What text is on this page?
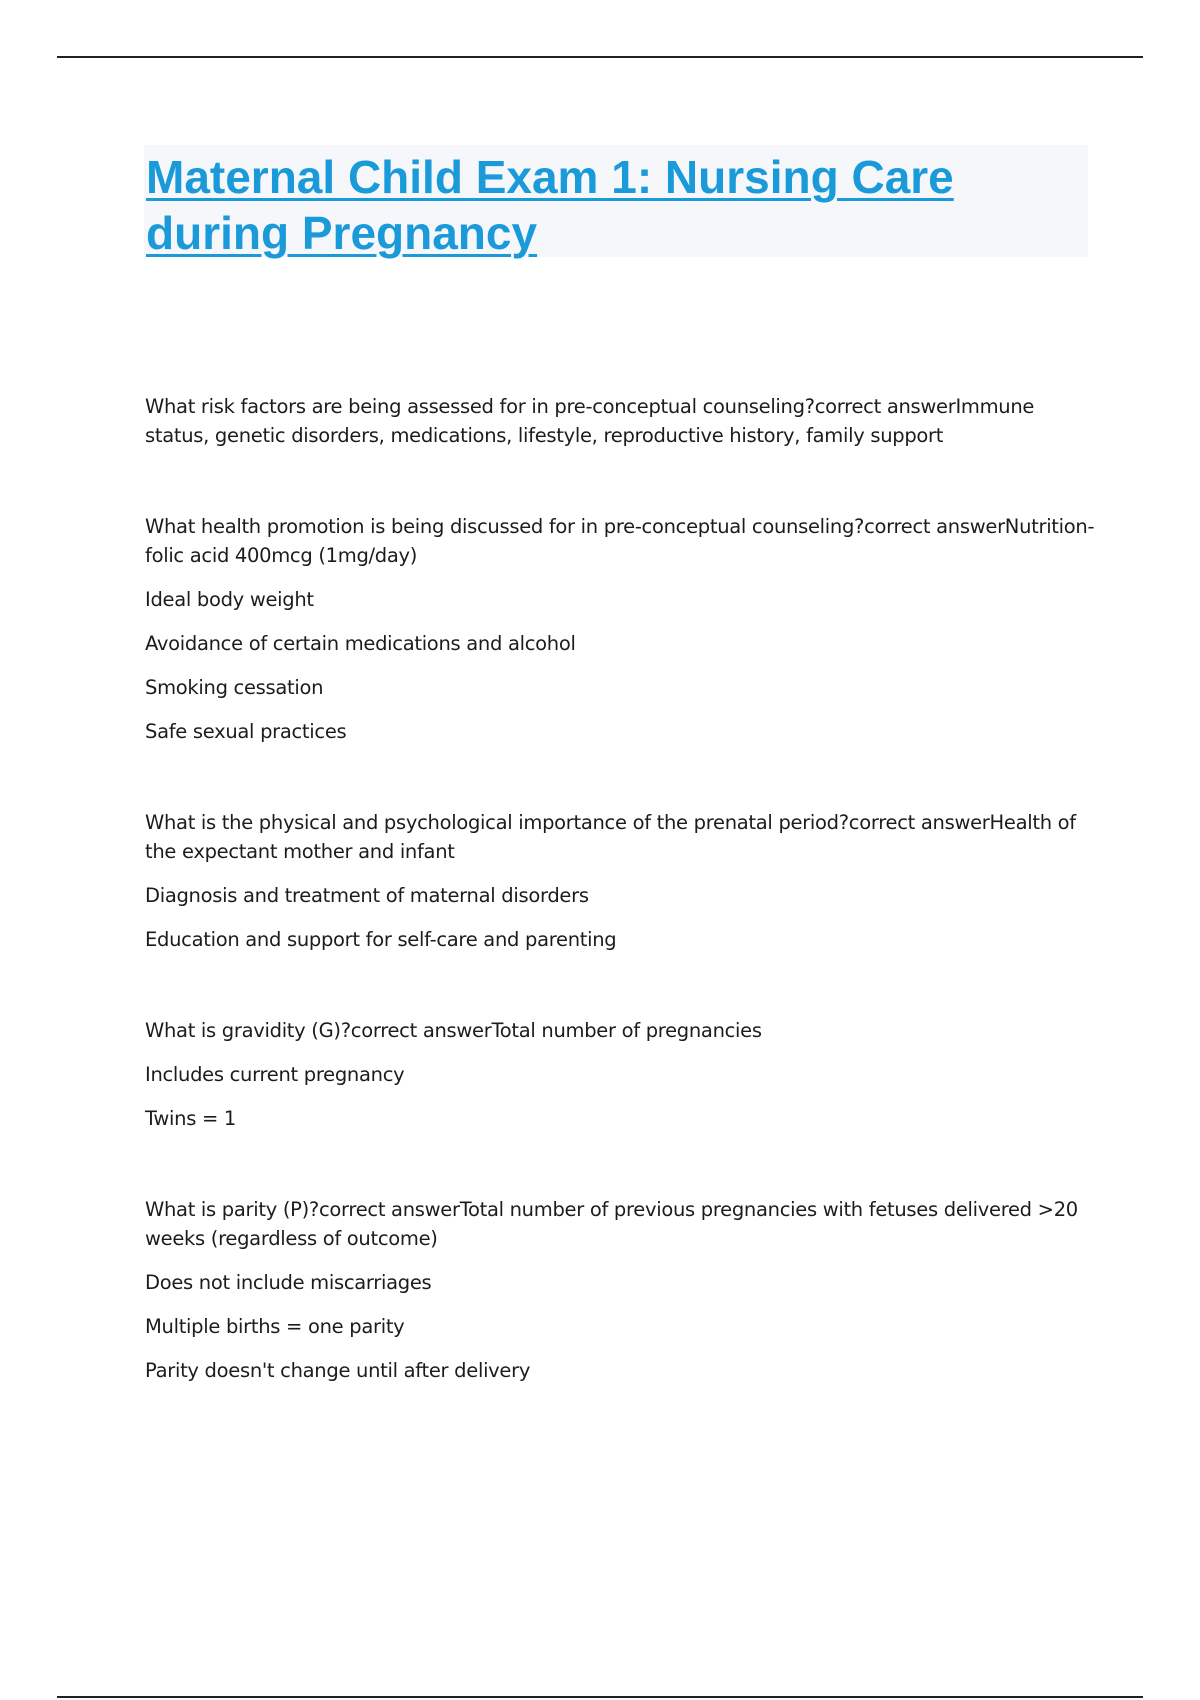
Maternal Child Exam 1: Nursing Care during Pregnancy

What risk factors are being assessed for in pre-conceptual counseling?correct answerImmune status, genetic disorders, medications, lifestyle, reproductive history, family support

What health promotion is being discussed for in pre-conceptual counseling?correct answerNutrition- folic acid 400mcg (1mg/day)

Ideal body weight

Avoidance of certain medications and alcohol

Smoking cessation

Safe sexual practices

What is the physical and psychological importance of the prenatal period?correct answerHealth of the expectant mother and infant

Diagnosis and treatment of maternal disorders

Education and support for self-care and parenting

What is gravidity (G)?correct answerTotal number of pregnancies

Includes current pregnancy

Twins = 1

What is parity (P)?correct answerTotal number of previous pregnancies with fetuses delivered >20 weeks (regardless of outcome)

Does not include miscarriages

Multiple births = one parity

Parity doesn't change until after delivery
